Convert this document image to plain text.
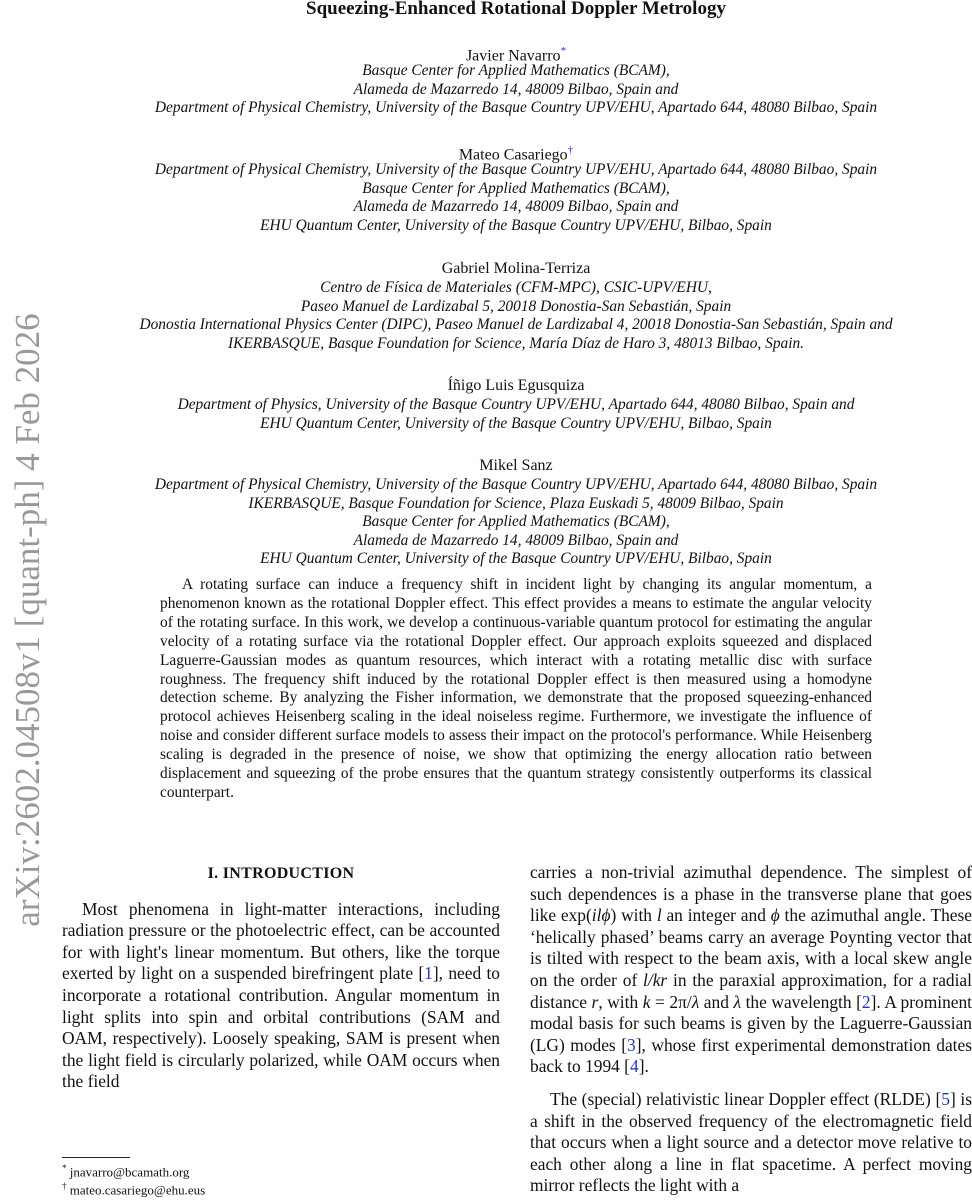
arXiv:2602.04508v1 [quant-ph] 4 Feb 2026
Squeezing-Enhanced Rotational Doppler Metrology
Javier Navarro*
Basque Center for Applied Mathematics (BCAM),
Alameda de Mazarredo 14, 48009 Bilbao, Spain and
Department of Physical Chemistry, University of the Basque Country UPV/EHU, Apartado 644, 48080 Bilbao, Spain
Mateo Casariego†
Department of Physical Chemistry, University of the Basque Country UPV/EHU, Apartado 644, 48080 Bilbao, Spain
Basque Center for Applied Mathematics (BCAM),
Alameda de Mazarredo 14, 48009 Bilbao, Spain and
EHU Quantum Center, University of the Basque Country UPV/EHU, Bilbao, Spain
Gabriel Molina-Terriza
Centro de Física de Materiales (CFM-MPC), CSIC-UPV/EHU,
Paseo Manuel de Lardizabal 5, 20018 Donostia-San Sebastián, Spain
Donostia International Physics Center (DIPC), Paseo Manuel de Lardizabal 4, 20018 Donostia-San Sebastián, Spain and
IKERBASQUE, Basque Foundation for Science, María Díaz de Haro 3, 48013 Bilbao, Spain.
Íñigo Luis Egusquiza
Department of Physics, University of the Basque Country UPV/EHU, Apartado 644, 48080 Bilbao, Spain and
EHU Quantum Center, University of the Basque Country UPV/EHU, Bilbao, Spain
Mikel Sanz
Department of Physical Chemistry, University of the Basque Country UPV/EHU, Apartado 644, 48080 Bilbao, Spain
IKERBASQUE, Basque Foundation for Science, Plaza Euskadi 5, 48009 Bilbao, Spain
Basque Center for Applied Mathematics (BCAM),
Alameda de Mazarredo 14, 48009 Bilbao, Spain and
EHU Quantum Center, University of the Basque Country UPV/EHU, Bilbao, Spain

A rotating surface can induce a frequency shift in incident light by changing its angular momentum, a phenomenon known as the rotational Doppler effect. This effect provides a means to estimate the angular velocity of the rotating surface. In this work, we develop a continuous-variable quantum protocol for estimating the angular velocity of a rotating surface via the rotational Doppler effect. Our approach exploits squeezed and displaced Laguerre-Gaussian modes as quantum resources, which interact with a rotating metallic disc with surface roughness. The frequency shift induced by the rotational Doppler effect is then measured using a homodyne detection scheme. By analyzing the Fisher information, we demonstrate that the proposed squeezing-enhanced protocol achieves Heisenberg scaling in the ideal noiseless regime. Furthermore, we investigate the influence of noise and consider different surface models to assess their impact on the protocol's performance. While Heisenberg scaling is degraded in the presence of noise, we show that optimizing the energy allocation ratio between displacement and squeezing of the probe ensures that the quantum strategy consistently outperforms its classical counterpart.

I. INTRODUCTION

Most phenomena in light-matter interactions, including radiation pressure or the photoelectric effect, can be accounted for with light's linear momentum. But others, like the torque exerted by light on a suspended birefringent plate [1], need to incorporate a rotational contribution. Angular momentum in light splits into spin and orbital contributions (SAM and OAM, respectively). Loosely speaking, SAM is present when the light field is circularly polarized, while OAM occurs when the field

carries a non-trivial azimuthal dependence. The simplest of such dependences is a phase in the transverse plane that goes like exp(ilϕ) with l an integer and ϕ the azimuthal angle. These ‘helically phased’ beams carry an average Poynting vector that is tilted with respect to the beam axis, with a local skew angle on the order of l/kr in the paraxial approximation, for a radial distance r, with k = 2π/λ and λ the wavelength [2]. A prominent modal basis for such beams is given by the Laguerre-Gaussian (LG) modes [3], whose first experimental demonstration dates back to 1994 [4].

The (special) relativistic linear Doppler effect (RLDE) [5] is a shift in the observed frequency of the electromagnetic field that occurs when a light source and a detector move relative to each other along a line in flat spacetime. A perfect moving mirror reflects the light with a

* jnavarro@bcamath.org
† mateo.casariego@ehu.eus
